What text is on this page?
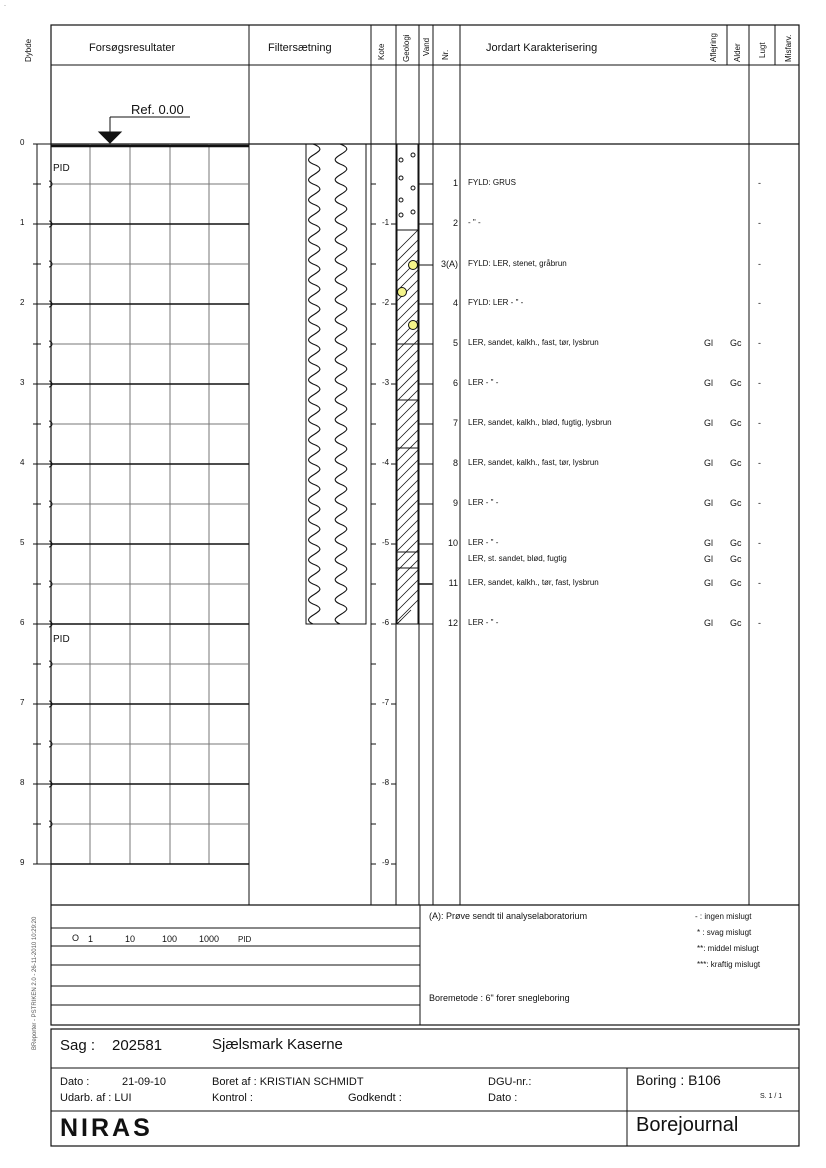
Dybde	Forsøgsresultater	Filtersætning	Kote Geologi Vand Nr.
Jordart Karakterisering	Aflejring Alder Lugt Misfarv.
Ref. 0.00
PID
PID
0
1
2
3
4
5
6
7
8
9
-1
-2
-3
-4
-5
-6
-7
-8
-9
1 FYLD: GRUS	-
2 - " -	-
3(A) FYLD: LER, stenet, gråbrun	-
4 FYLD: LER - " -	-
5 LER, sandet, kalkh., fast, tør, lysbrun	Gl Gc -
6 LER - " -	Gl Gc -
7 LER, sandet, kalkh., blød, fugtig, lysbrun	Gl Gc -
8 LER, sandet, kalkh., fast, tør, lysbrun	Gl Gc -
9 LER - " -	Gl Gc -
10 LER - " -	Gl Gc -
LER, st. sandet, blød, fugtig	Gl Gc
11 LER, sandet, kalkh., tør, fast, lysbrun	Gl Gc -
12 LER - " -	Gl Gc -
O 1	10	100 1000 PID
(A): Prøve sendt til analyselaboratorium	- : ingen mislugt
* : svag mislugt
**: middel mislugt
***: kraftig mislugt
Boremetode : 6" forет snegleboring
BReporter - PSTRIKEN 2.0 - 26-11-2010 10:29:20
·
Sag : 202581	Sjælsmark Kaserne
Dato :	21-09-10	Boret af : KRISTIAN SCHMIDT	DGU-nr.:	Boring : B106
Udarb. af : LUI	Kontrol :	Godkendt :	Dato :	S. 1 / 1
NIRAS	Borejournal
